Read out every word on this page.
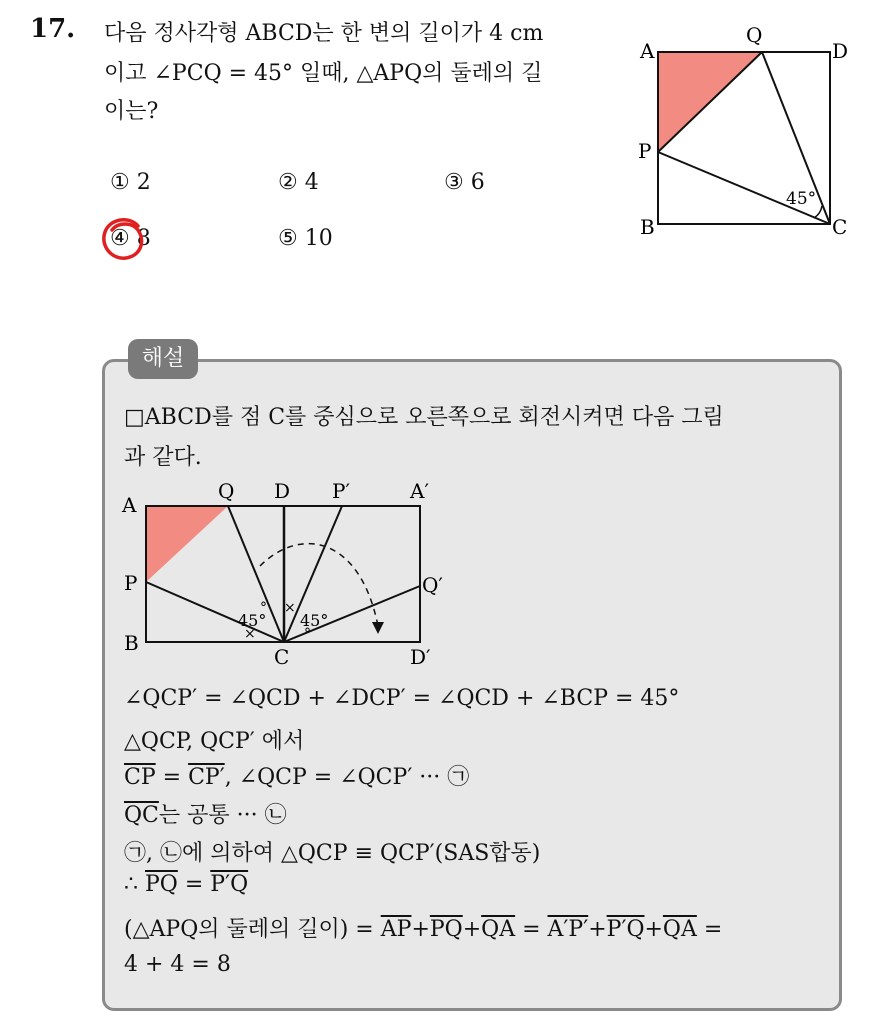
17. 다음 정사각형 ABCD는 한 변의 길이가 4 cm
이고 ∠PCQ = 45° 일때, △APQ의 둘레의 길
이는?
① 2	② 4	③ 6
④ 8	⑤ 10
A
Q
D
P
B	C
45°
해설
□ABCD를 점 C를 중심으로 오른쪽으로 회전시켜면 다음 그림
과 같다.
A
Q D P′	A′
P	Q′
B
C	D′
45° 45°
° ×
×	°
∠QCP′ = ∠QCD + ∠DCP′ = ∠QCD + ∠BCP = 45°
△QCP, QCP′ 에서
$\overline{CP} = CP'$, ∠QCP = ∠QCP′ ··· ㉠
$\overline{QC}$는 공통 ··· ㉡
㉠, ㉡에 의하여 △QCP ≡ QCP′(SAS합동)
∴ $\overline{PQ} = P'Q$
(△APQ의 둘레의 길이) = $\overline{AP}+\overline{PQ}+\overline{QA} = A'P'+P'Q+\overline{QA}$ =
4 + 4 = 8
